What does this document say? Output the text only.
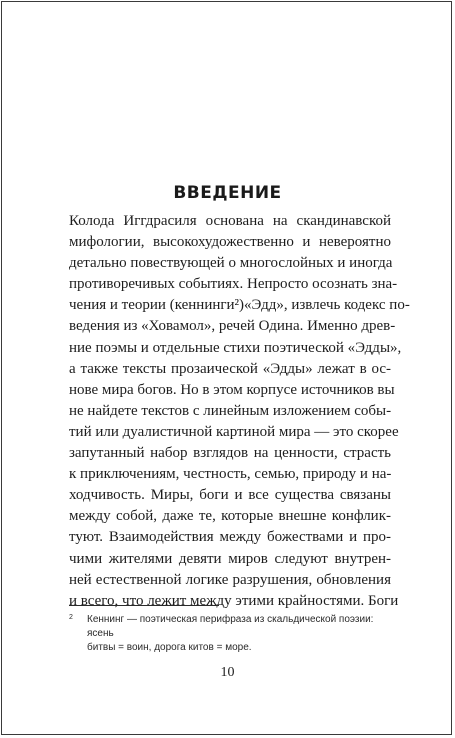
ВВЕДЕНИЕ
Колода Иггдрасиля основана на скандинавской
мифологии, высокохудожественно и невероятно
детально повествующей о многослойных и иногда
противоречивых событиях. Непросто осознать зна-
чения и теории (кеннинги²)«Эдд», извлечь кодекс по-
ведения из «Ховамол», речей Одина. Именно древ-
ние поэмы и отдельные стихи поэтической «Эдды»,
а также тексты прозаической «Эдды» лежат в ос-
нове мира богов. Но в этом корпусе источников вы
не найдете текстов с линейным изложением собы-
тий или дуалистичной картиной мира — это скорее
запутанный набор взглядов на ценности, страсть
к приключениям, честность, семью, природу и на-
ходчивость. Миры, боги и все существа связаны
между собой, даже те, которые внешне конфлик-
туют. Взаимодействия между божествами и про-
чими жителями девяти миров следуют внутрен-
ней естественной логике разрушения, обновления
и всего, что лежит между этими крайностями. Боги
2 Кеннинг — поэтическая перифраза из скальдической поэзии: ясень
битвы = воин, дорога китов = море.
10
